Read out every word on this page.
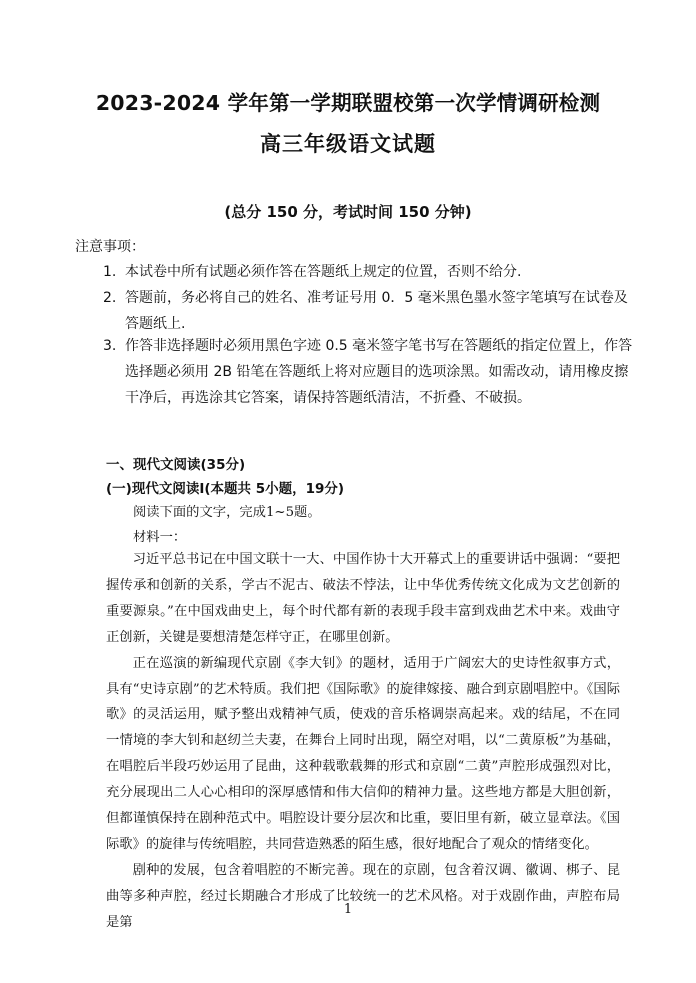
2023-2024 学年第一学期联盟校第一次学情调研检测
高三年级语文试题
(总分 150 分，考试时间 150 分钟)
注意事项：
1. 本试卷中所有试题必须作答在答题纸上规定的位置，否则不给分.
2. 答题前，务必将自己的姓名、准考证号用 0．5 毫米黑色墨水签字笔填写在试卷及答题纸上.
3. 作答非选择题时必须用黑色字迹 0.5 毫米签字笔书写在答题纸的指定位置上，作答选择题必须用 2B 铅笔在答题纸上将对应题目的选项涂黑。如需改动，请用橡皮擦干净后，再选涂其它答案，请保持答题纸清洁，不折叠、不破损。
一、现代文阅读(35分)
(一)现代文阅读Ⅰ(本题共 5小题，19分)
阅读下面的文字，完成1~5题。
材料一：

习近平总书记在中国文联十一大、中国作协十大开幕式上的重要讲话中强调：“要把握传承和创新的关系，学古不泥古、破法不悖法，让中华优秀传统文化成为文艺创新的重要源泉。”在中国戏曲史上，每个时代都有新的表现手段丰富到戏曲艺术中来。戏曲守正创新，关键是要想清楚怎样守正，在哪里创新。

正在巡演的新编现代京剧《李大钊》的题材，适用于广阔宏大的史诗性叙事方式，具有“史诗京剧”的艺术特质。我们把《国际歌》的旋律嫁接、融合到京剧唱腔中。《国际歌》的灵活运用，赋予整出戏精神气质，使戏的音乐格调崇高起来。戏的结尾，不在同一情境的李大钊和赵纫兰夫妻，在舞台上同时出现，隔空对唱，以“二黄原板”为基础，在唱腔后半段巧妙运用了昆曲，这种载歌载舞的形式和京剧“二黄”声腔形成强烈对比，充分展现出二人心心相印的深厚感情和伟大信仰的精神力量。这些地方都是大胆创新，但都谨慎保持在剧种范式中。唱腔设计要分层次和比重，要旧里有新，破立显章法。《国际歌》的旋律与传统唱腔，共同营造熟悉的陌生感，很好地配合了观众的情绪变化。

剧种的发展，包含着唱腔的不断完善。现在的京剧，包含着汉调、徽调、梆子、昆曲等多种声腔，经过长期融合才形成了比较统一的艺术风格。对于戏剧作曲，声腔布局是第

1
